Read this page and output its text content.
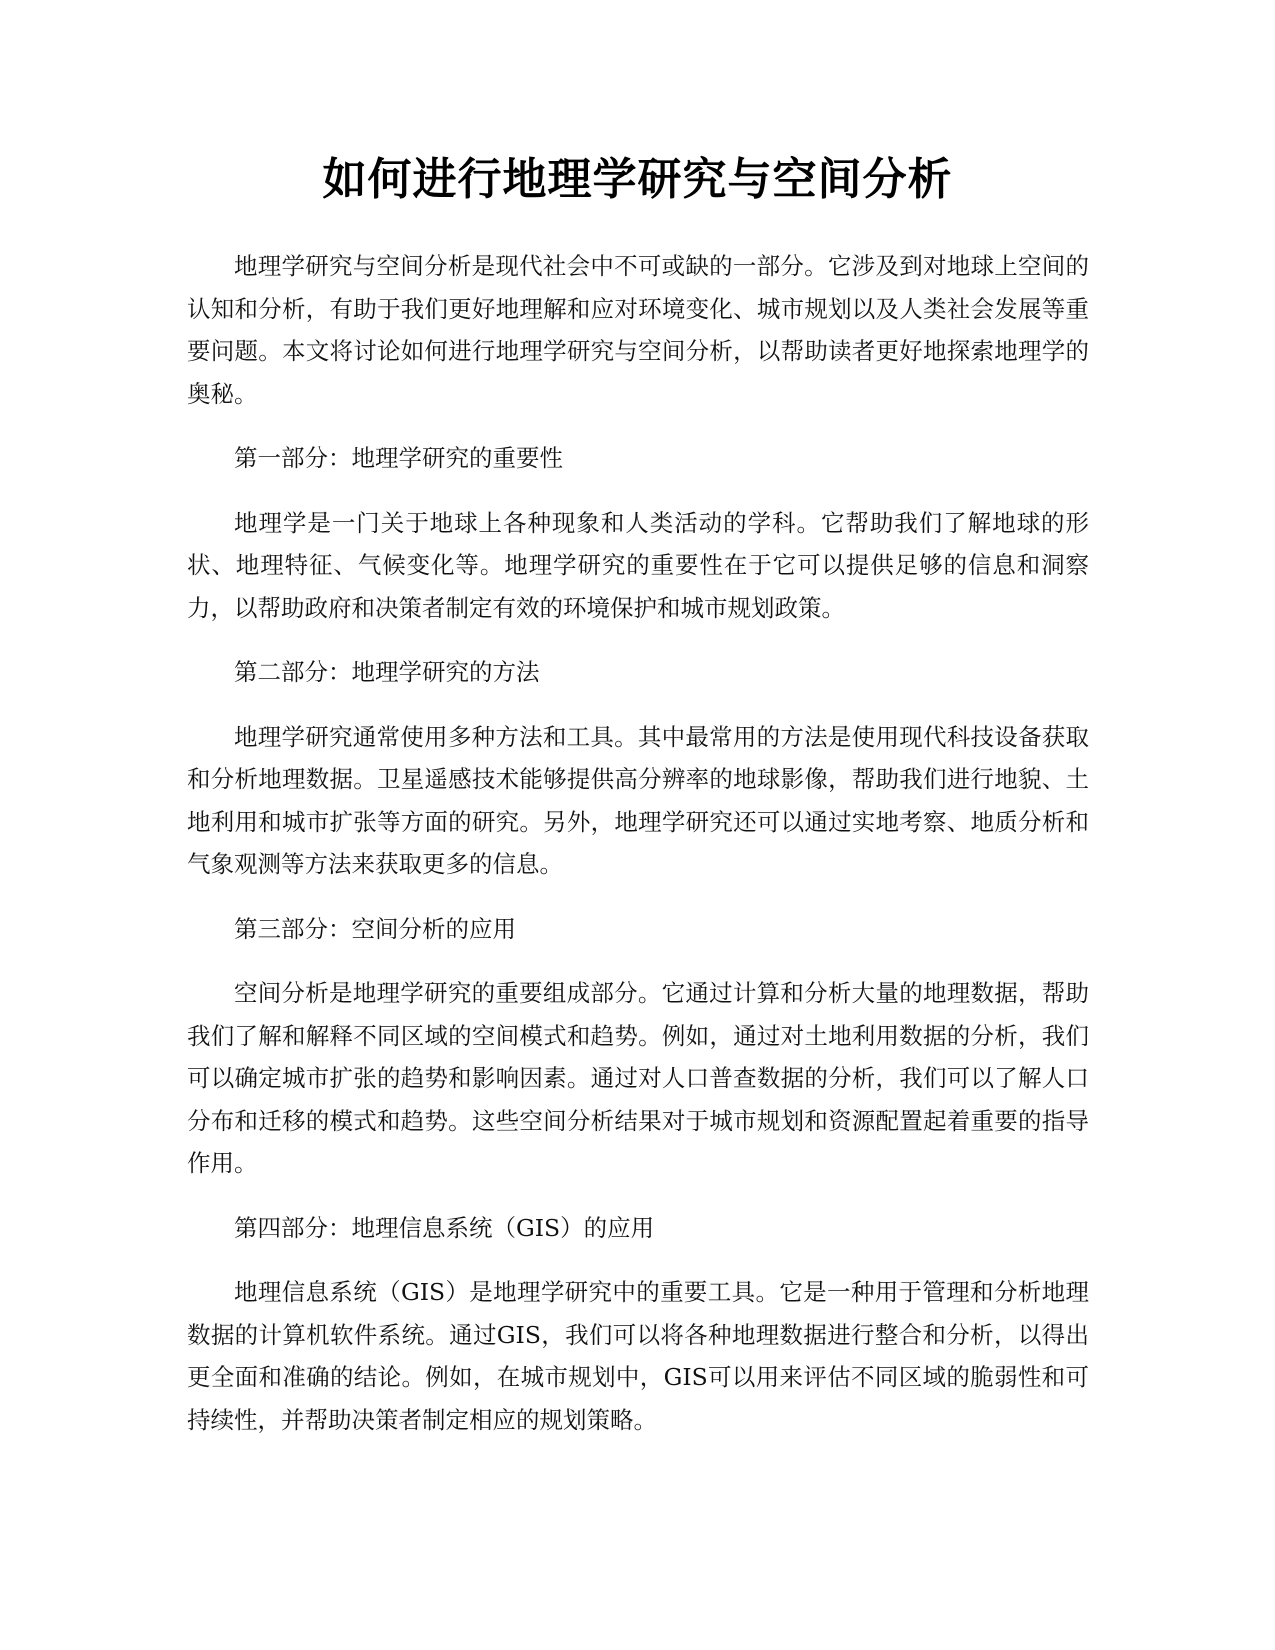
如何进行地理学研究与空间分析

地理学研究与空间分析是现代社会中不可或缺的一部分。它涉及到对地球上空间的认知和分析，有助于我们更好地理解和应对环境变化、城市规划以及人类社会发展等重要问题。本文将讨论如何进行地理学研究与空间分析，以帮助读者更好地探索地理学的奥秘。

第一部分：地理学研究的重要性

地理学是一门关于地球上各种现象和人类活动的学科。它帮助我们了解地球的形状、地理特征、气候变化等。地理学研究的重要性在于它可以提供足够的信息和洞察力，以帮助政府和决策者制定有效的环境保护和城市规划政策。

第二部分：地理学研究的方法

地理学研究通常使用多种方法和工具。其中最常用的方法是使用现代科技设备获取和分析地理数据。卫星遥感技术能够提供高分辨率的地球影像，帮助我们进行地貌、土地利用和城市扩张等方面的研究。另外，地理学研究还可以通过实地考察、地质分析和气象观测等方法来获取更多的信息。

第三部分：空间分析的应用

空间分析是地理学研究的重要组成部分。它通过计算和分析大量的地理数据，帮助我们了解和解释不同区域的空间模式和趋势。例如，通过对土地利用数据的分析，我们可以确定城市扩张的趋势和影响因素。通过对人口普查数据的分析，我们可以了解人口分布和迁移的模式和趋势。这些空间分析结果对于城市规划和资源配置起着重要的指导作用。

第四部分：地理信息系统（GIS）的应用

地理信息系统（GIS）是地理学研究中的重要工具。它是一种用于管理和分析地理数据的计算机软件系统。通过GIS，我们可以将各种地理数据进行整合和分析，以得出更全面和准确的结论。例如，在城市规划中，GIS可以用来评估不同区域的脆弱性和可持续性，并帮助决策者制定相应的规划策略。
